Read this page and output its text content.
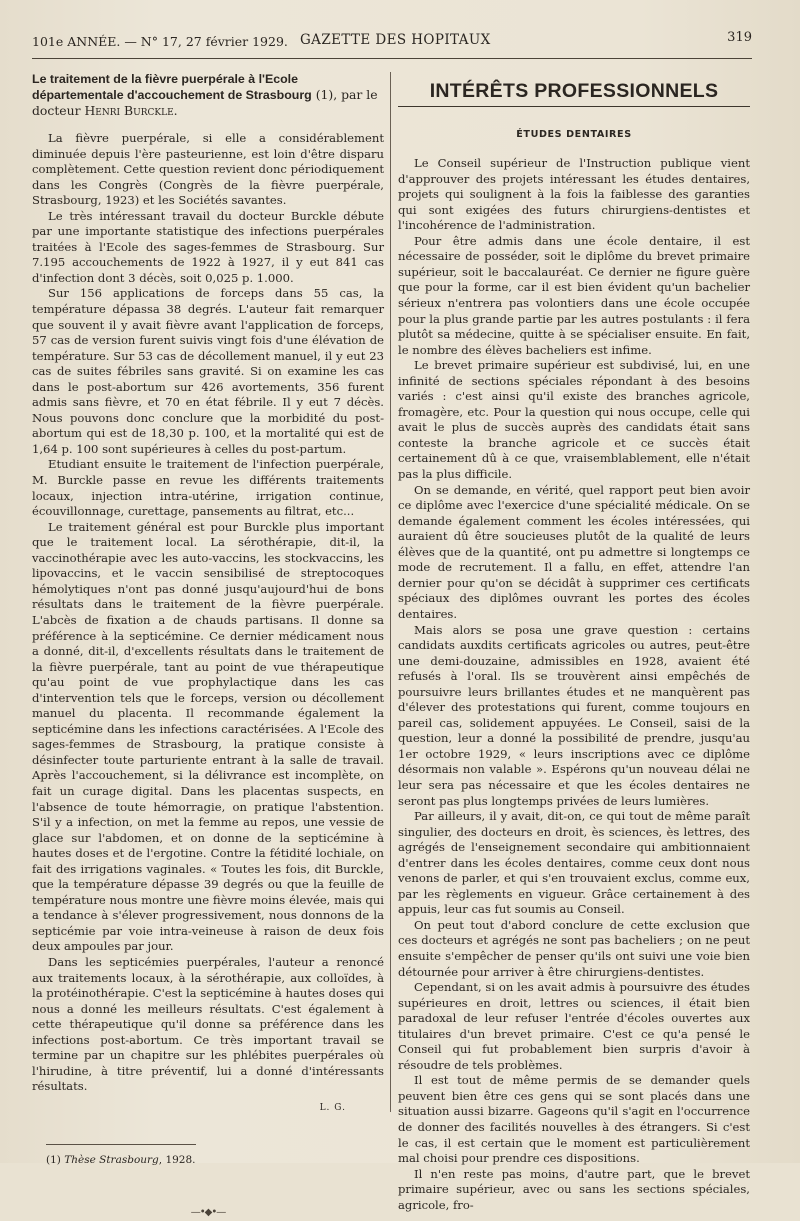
101e ANNÉE. — N° 17, 27 février 1929. GAZETTE DES HOPITAUX	319
Le traitement de la fièvre puerpérale à l'Ecole départementale d'accouchement de Strasbourg (1), par le docteur Henri Burckle.

La fièvre puerpérale, si elle a considérablement diminuée depuis l'ère pasteurienne, est loin d'être disparu complètement. Cette question revient donc périodiquement dans les Congrès (Congrès de la fièvre puerpérale, Strasbourg, 1923) et les Sociétés savantes.

Le très intéressant travail du docteur Burckle débute par une importante statistique des infections puerpérales traitées à l'Ecole des sages-femmes de Strasbourg. Sur 7.195 accouchements de 1922 à 1927, il y eut 841 cas d'infection dont 3 décès, soit 0,025 p. 1.000.

Sur 156 applications de forceps dans 55 cas, la température dépassa 38 degrés. L'auteur fait remarquer que souvent il y avait fièvre avant l'application de forceps, 57 cas de version furent suivis vingt fois d'une élévation de température. Sur 53 cas de décollement manuel, il y eut 23 cas de suites fébriles sans gravité. Si on examine les cas dans le post-abortum sur 426 avortements, 356 furent admis sans fièvre, et 70 en état fébrile. Il y eut 7 décès. Nous pouvons donc conclure que la morbidité du post-abortum qui est de 18,30 p. 100, et la mortalité qui est de 1,64 p. 100 sont supérieures à celles du post-partum.

Etudiant ensuite le traitement de l'infection puerpérale, M. Burckle passe en revue les différents traitements locaux, injection intra-utérine, irrigation continue, écouvillonnage, curettage, pansements au filtrat, etc...

Le traitement général est pour Burckle plus important que le traitement local. La sérothérapie, dit-il, la vaccinothérapie avec les auto-vaccins, les stockvaccins, les lipovaccins, et le vaccin sensibilisé de streptocoques hémolytiques n'ont pas donné jusqu'aujourd'hui de bons résultats dans le traitement de la fièvre puerpérale. L'abcès de fixation a de chauds partisans. Il donne sa préférence à la septicémine. Ce dernier médicament nous a donné, dit-il, d'excellents résultats dans le traitement de la fièvre puerpérale, tant au point de vue thérapeutique qu'au point de vue prophylactique dans les cas d'intervention tels que le forceps, version ou décollement manuel du placenta. Il recommande également la septicémine dans les infections caractérisées. A l'Ecole des sages-femmes de Strasbourg, la pratique consiste à désinfecter toute parturiente entrant à la salle de travail. Après l'accouchement, si la délivrance est incomplète, on fait un curage digital. Dans les placentas suspects, en l'absence de toute hémorragie, on pratique l'abstention. S'il y a infection, on met la femme au repos, une vessie de glace sur l'abdomen, et on donne de la septicémine à hautes doses et de l'ergotine. Contre la fétidité lochiale, on fait des irrigations vaginales. « Toutes les fois, dit Burckle, que la température dépasse 39 degrés ou que la feuille de température nous montre une fièvre moins élevée, mais qui a tendance à s'élever progressivement, nous donnons de la septicémie par voie intra-veineuse à raison de deux fois deux ampoules par jour.

Dans les septicémies puerpérales, l'auteur a renoncé aux traitements locaux, à la sérothérapie, aux colloïdes, à la protéinothérapie. C'est la septicémine à hautes doses qui nous a donné les meilleurs résultats. C'est également à cette thérapeutique qu'il donne sa préférence dans les infections post-abortum. Ce très important travail se termine par un chapitre sur les phlébites puerpérales où l'hirudine, à titre préventif, lui a donné d'intéressants résultats.

L. G.
(1) Thèse Strasbourg, 1928.
—•◆•—
INTÉRÊTS PROFESSIONNELS
ÉTUDES DENTAIRES

Le Conseil supérieur de l'Instruction publique vient d'approuver des projets intéressant les études dentaires, projets qui soulignent à la fois la faiblesse des garanties qui sont exigées des futurs chirurgiens-dentistes et l'incohérence de l'administration.

Pour être admis dans une école dentaire, il est nécessaire de posséder, soit le diplôme du brevet primaire supérieur, soit le baccalauréat. Ce dernier ne figure guère que pour la forme, car il est bien évident qu'un bachelier sérieux n'entrera pas volontiers dans une école occupée pour la plus grande partie par les autres postulants : il fera plutôt sa médecine, quitte à se spécialiser ensuite. En fait, le nombre des élèves bacheliers est infime.

Le brevet primaire supérieur est subdivisé, lui, en une infinité de sections spéciales répondant à des besoins variés : c'est ainsi qu'il existe des branches agricole, fromagère, etc. Pour la question qui nous occupe, celle qui avait le plus de succès auprès des candidats était sans conteste la branche agricole et ce succès était certainement dû à ce que, vraisemblablement, elle n'était pas la plus difficile.

On se demande, en vérité, quel rapport peut bien avoir ce diplôme avec l'exercice d'une spécialité médicale. On se demande également comment les écoles intéressées, qui auraient dû être soucieuses plutôt de la qualité de leurs élèves que de la quantité, ont pu admettre si longtemps ce mode de recrutement. Il a fallu, en effet, attendre l'an dernier pour qu'on se décidât à supprimer ces certificats spéciaux des diplômes ouvrant les portes des écoles dentaires.

Mais alors se posa une grave question : certains candidats auxdits certificats agricoles ou autres, peut-être une demi-douzaine, admissibles en 1928, avaient été refusés à l'oral. Ils se trouvèrent ainsi empêchés de poursuivre leurs brillantes études et ne manquèrent pas d'élever des protestations qui furent, comme toujours en pareil cas, solidement appuyées. Le Conseil, saisi de la question, leur a donné la possibilité de prendre, jusqu'au 1er octobre 1929, « leurs inscriptions avec ce diplôme désormais non valable ». Espérons qu'un nouveau délai ne leur sera pas nécessaire et que les écoles dentaires ne seront pas plus longtemps privées de leurs lumières.

Par ailleurs, il y avait, dit-on, ce qui tout de même paraît singulier, des docteurs en droit, ès sciences, ès lettres, des agrégés de l'enseignement secondaire qui ambitionnaient d'entrer dans les écoles dentaires, comme ceux dont nous venons de parler, et qui s'en trouvaient exclus, comme eux, par les règlements en vigueur. Grâce certainement à des appuis, leur cas fut soumis au Conseil.

On peut tout d'abord conclure de cette exclusion que ces docteurs et agrégés ne sont pas bacheliers ; on ne peut ensuite s'empêcher de penser qu'ils ont suivi une voie bien détournée pour arriver à être chirurgiens-dentistes.

Cependant, si on les avait admis à poursuivre des études supérieures en droit, lettres ou sciences, il était bien paradoxal de leur refuser l'entrée d'écoles ouvertes aux titulaires d'un brevet primaire. C'est ce qu'a pensé le Conseil qui fut probablement bien surpris d'avoir à résoudre de tels problèmes.

Il est tout de même permis de se demander quels peuvent bien être ces gens qui se sont placés dans une situation aussi bizarre. Gageons qu'il s'agit en l'occurrence de donner des facilités nouvelles à des étrangers. Si c'est le cas, il est certain que le moment est particulièrement mal choisi pour prendre ces dispositions.

Il n'en reste pas moins, d'autre part, que le brevet primaire supérieur, avec ou sans les sections spéciales, agricole, fro-
